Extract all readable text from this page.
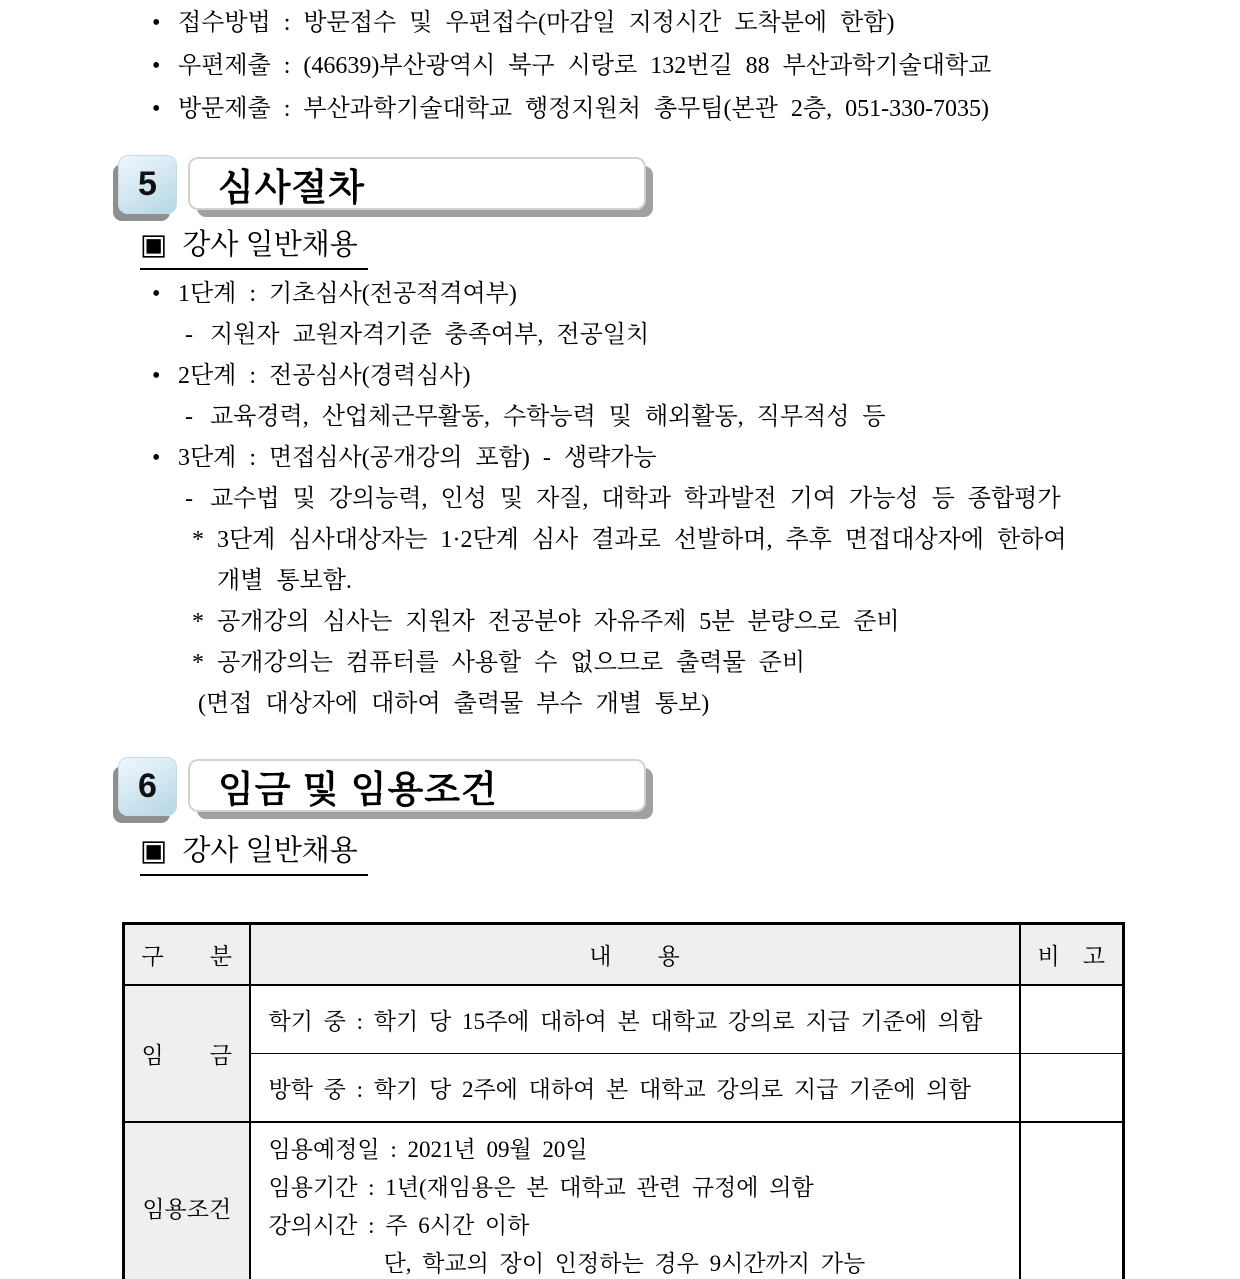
• 접수방법 : 방문접수 및 우편접수(마감일 지정시간 도착분에 한함)
• 우편제출 : (46639)부산광역시 북구 시랑로 132번길 88 부산과학기술대학교
• 방문제출 : 부산과학기술대학교 행정지원처 총무팀(본관 2층, 051-330-7035)
5 심사절차
▣ 강사 일반채용
• 1단계 : 기초심사(전공적격여부)
- 지원자 교원자격기준 충족여부, 전공일치
• 2단계 : 전공심사(경력심사)
- 교육경력, 산업체근무활동, 수학능력 및 해외활동, 직무적성 등
• 3단계 : 면접심사(공개강의 포함) - 생략가능
- 교수법 및 강의능력, 인성 및 자질, 대학과 학과발전 기여 가능성 등 종합평가
* 3단계 심사대상자는 1·2단계 심사 결과로 선발하며, 추후 면접대상자에 한하여
개별 통보함.
* 공개강의 심사는 지원자 전공분야 자유주제 5분 분량으로 준비
* 공개강의는 컴퓨터를 사용할 수 없으므로 출력물 준비
(면접 대상자에 대하여 출력물 부수 개별 통보)
6 임금 및 임용조건
▣ 강사 일반채용
구　　분	내　　용	비　고
임　　금	학기 중 : 학기 당 15주에 대하여 본 대학교 강의로 지급 기준에 의함	
	방학 중 : 학기 당 2주에 대하여 본 대학교 강의로 지급 기준에 의함	
임용조건	임용예정일 : 2021년 09월 20일
임용기간 : 1년(재임용은 본 대학교 관련 규정에 의함
강의시간 : 주 6시간 이하
단, 학교의 장이 인정하는 경우 9시간까지 가능	
